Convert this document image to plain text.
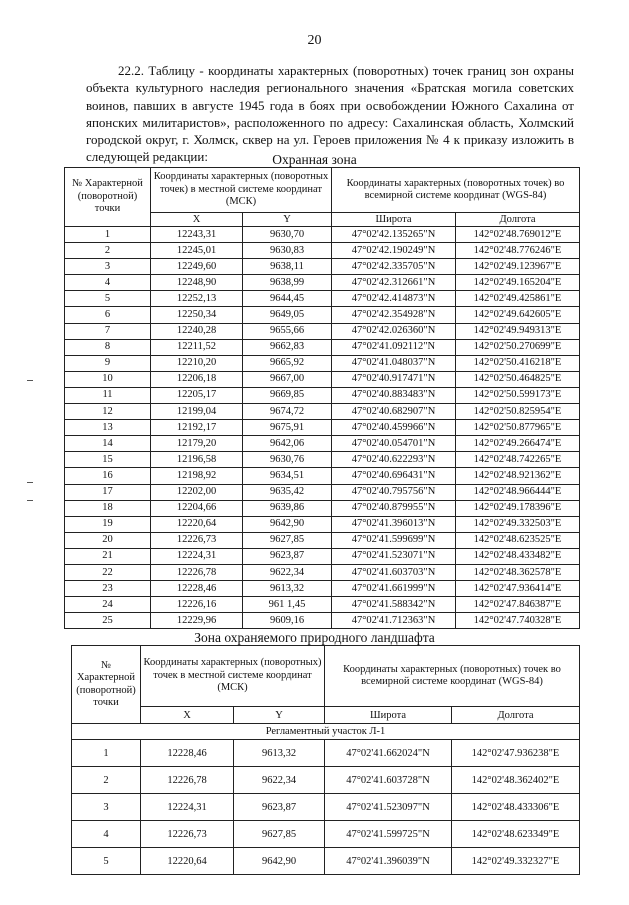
20

22.2. Таблицу - координаты характерных (поворотных) точек границ зон охраны объекта культурного наследия регионального значения «Братская могила советских воинов, павших в августе 1945 года в боях при освобождении Южного Сахалина от японских милитаристов», расположенного по адресу: Сахалинская область, Холмский городской округ, г. Холмск, сквер на ул. Героев приложения № 4 к приказу изложить в следующей редакции:	Охранная зона
№ Характерной (поворотной) точки	Координаты характерных (поворотных точек) в местной системе координат (МСК)		Координаты характерных (поворотных точек) во всемирной системе координат (WGS-84)	
	X	Y	Широта	Долгота
1	12243,31	9630,70	47°02'42.135265"N	142°02'48.769012"E
2	12245,01	9630,83	47°02'42.190249"N	142°02'48.776246"E
3	12249,60	9638,11	47°02'42.335705"N	142°02'49.123967"E
4	12248,90	9638,99	47°02'42.312661"N	142°02'49.165204"E
5	12252,13	9644,45	47°02'42.414873"N	142°02'49.425861"E
6	12250,34	9649,05	47°02'42.354928"N	142°02'49.642605"E
7	12240,28	9655,66	47°02'42.026360"N	142°02'49.949313"E
8	12211,52	9662,83	47°02'41.092112"N	142°02'50.270699"E
9	12210,20	9665,92	47°02'41.048037"N	142°02'50.416218"E
10	12206,18	9667,00	47°02'40.917471"N	142°02'50.464825"E
11	12205,17	9669,85	47°02'40.883483"N	142°02'50.599173"E
12	12199,04	9674,72	47°02'40.682907"N	142°02'50.825954"E
13	12192,17	9675,91	47°02'40.459966"N	142°02'50.877965"E
14	12179,20	9642,06	47°02'40.054701"N	142°02'49.266474"E
15	12196,58	9630,76	47°02'40.622293"N	142°02'48.742265"E
16	12198,92	9634,51	47°02'40.696431"N	142°02'48.921362"E
17	12202,00	9635,42	47°02'40.795756"N	142°02'48.966444"E
18	12204,66	9639,86	47°02'40.879955"N	142°02'49.178396"E
19	12220,64	9642,90	47°02'41.396013"N	142°02'49.332503"E
20	12226,73	9627,85	47°02'41.599699"N	142°02'48.623525"E
21	12224,31	9623,87	47°02'41.523071"N	142°02'48.433482"E
22	12226,78	9622,34	47°02'41.603703"N	142°02'48.362578"E
23	12228,46	9613,32	47°02'41.661999"N	142°02'47.936414"E
24	12226,16	961 1,45	47°02'41.588342"N	142°02'47.846387"E
25	12229,96	9609,16	47°02'41.712363"N	142°02'47.740328"E
Зона охраняемого природного ландшафта
№ Характерной (поворотной) точки	Координаты характерных (поворотных) точек в местной системе координат (МСК)		Координаты характерных (поворотных) точек во всемирной системе координат (WGS-84)	
	X	Y	Широта	Долгота
Регламентный участок Л-1				
1	12228,46	9613,32	47°02'41.662024"N	142°02'47.936238"E
2	12226,78	9622,34	47°02'41.603728"N	142°02'48.362402"E
3	12224,31	9623,87	47°02'41.523097"N	142°02'48.433306"E
4	12226,73	9627,85	47°02'41.599725"N	142°02'48.623349"E
5	12220,64	9642,90	47°02'41.396039"N	142°02'49.332327"E
